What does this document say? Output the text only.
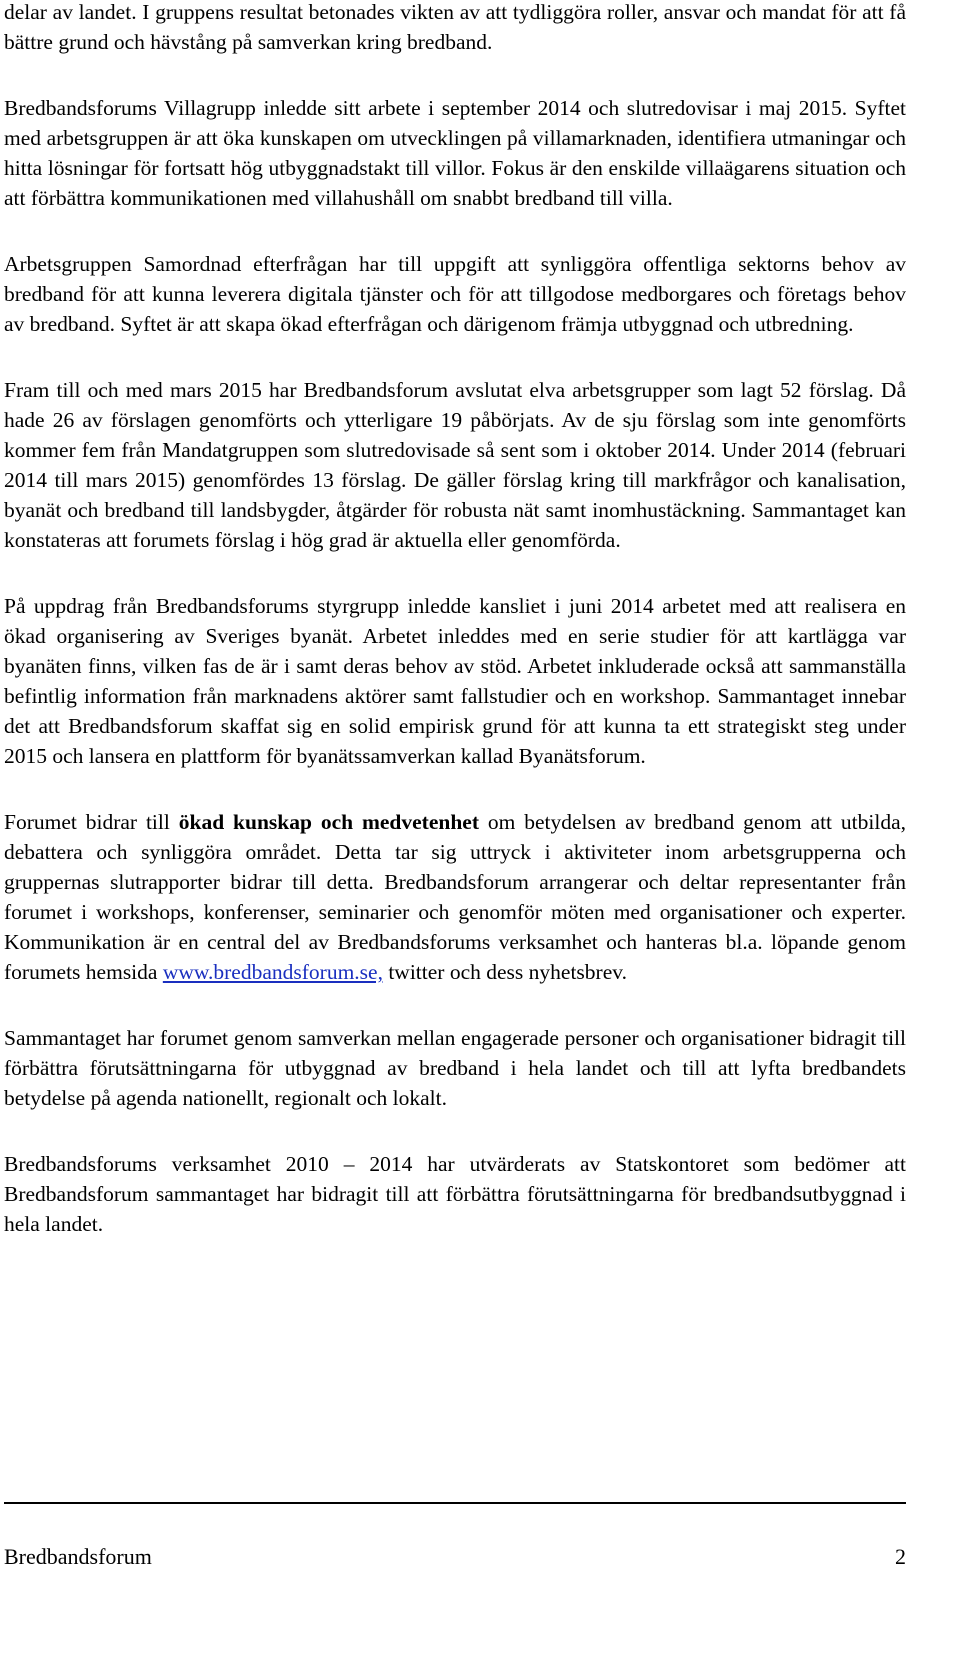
delar av landet. I gruppens resultat betonades vikten av att tydliggöra roller, ansvar och mandat för att få bättre grund och hävstång på samverkan kring bredband.

Bredbandsforums Villagrupp inledde sitt arbete i september 2014 och slutredovisar i maj 2015. Syftet med arbetsgruppen är att öka kunskapen om utvecklingen på villamarknaden, identifiera utmaningar och hitta lösningar för fortsatt hög utbyggnadstakt till villor. Fokus är den enskilde villaägarens situation och att förbättra kommunikationen med villahushåll om snabbt bredband till villa.

Arbetsgruppen Samordnad efterfrågan har till uppgift att synliggöra offentliga sektorns behov av bredband för att kunna leverera digitala tjänster och för att tillgodose medborgares och företags behov av bredband. Syftet är att skapa ökad efterfrågan och därigenom främja utbyggnad och utbredning.

Fram till och med mars 2015 har Bredbandsforum avslutat elva arbetsgrupper som lagt 52 förslag. Då hade 26 av förslagen genomförts och ytterligare 19 påbörjats. Av de sju förslag som inte genomförts kommer fem från Mandatgruppen som slutredovisade så sent som i oktober 2014. Under 2014 (februari 2014 till mars 2015) genomfördes 13 förslag. De gäller förslag kring till markfrågor och kanalisation, byanät och bredband till landsbygder, åtgärder för robusta nät samt inomhustäckning. Sammantaget kan konstateras att forumets förslag i hög grad är aktuella eller genomförda.

På uppdrag från Bredbandsforums styrgrupp inledde kansliet i juni 2014 arbetet med att realisera en ökad organisering av Sveriges byanät. Arbetet inleddes med en serie studier för att kartlägga var byanäten finns, vilken fas de är i samt deras behov av stöd. Arbetet inkluderade också att sammanställa befintlig information från marknadens aktörer samt fallstudier och en workshop. Sammantaget innebar det att Bredbandsforum skaffat sig en solid empirisk grund för att kunna ta ett strategiskt steg under 2015 och lansera en plattform för byanätssamverkan kallad Byanätsforum.

Forumet bidrar till ökad kunskap och medvetenhet om betydelsen av bredband genom att utbilda, debattera och synliggöra området. Detta tar sig uttryck i aktiviteter inom arbetsgrupperna och gruppernas slutrapporter bidrar till detta. Bredbandsforum arrangerar och deltar representanter från forumet i workshops, konferenser, seminarier och genomför möten med organisationer och experter. Kommunikation är en central del av Bredbandsforums verksamhet och hanteras bl.a. löpande genom forumets hemsida www.bredbandsforum.se, twitter och dess nyhetsbrev.

Sammantaget har forumet genom samverkan mellan engagerade personer och organisationer bidragit till förbättra förutsättningarna för utbyggnad av bredband i hela landet och till att lyfta bredbandets betydelse på agenda nationellt, regionalt och lokalt.

Bredbandsforums verksamhet 2010 – 2014 har utvärderats av Statskontoret som bedömer att Bredbandsforum sammantaget har bidragit till att förbättra förutsättningarna för bredbandsutbyggnad i hela landet.

Bredbandsforum	2
